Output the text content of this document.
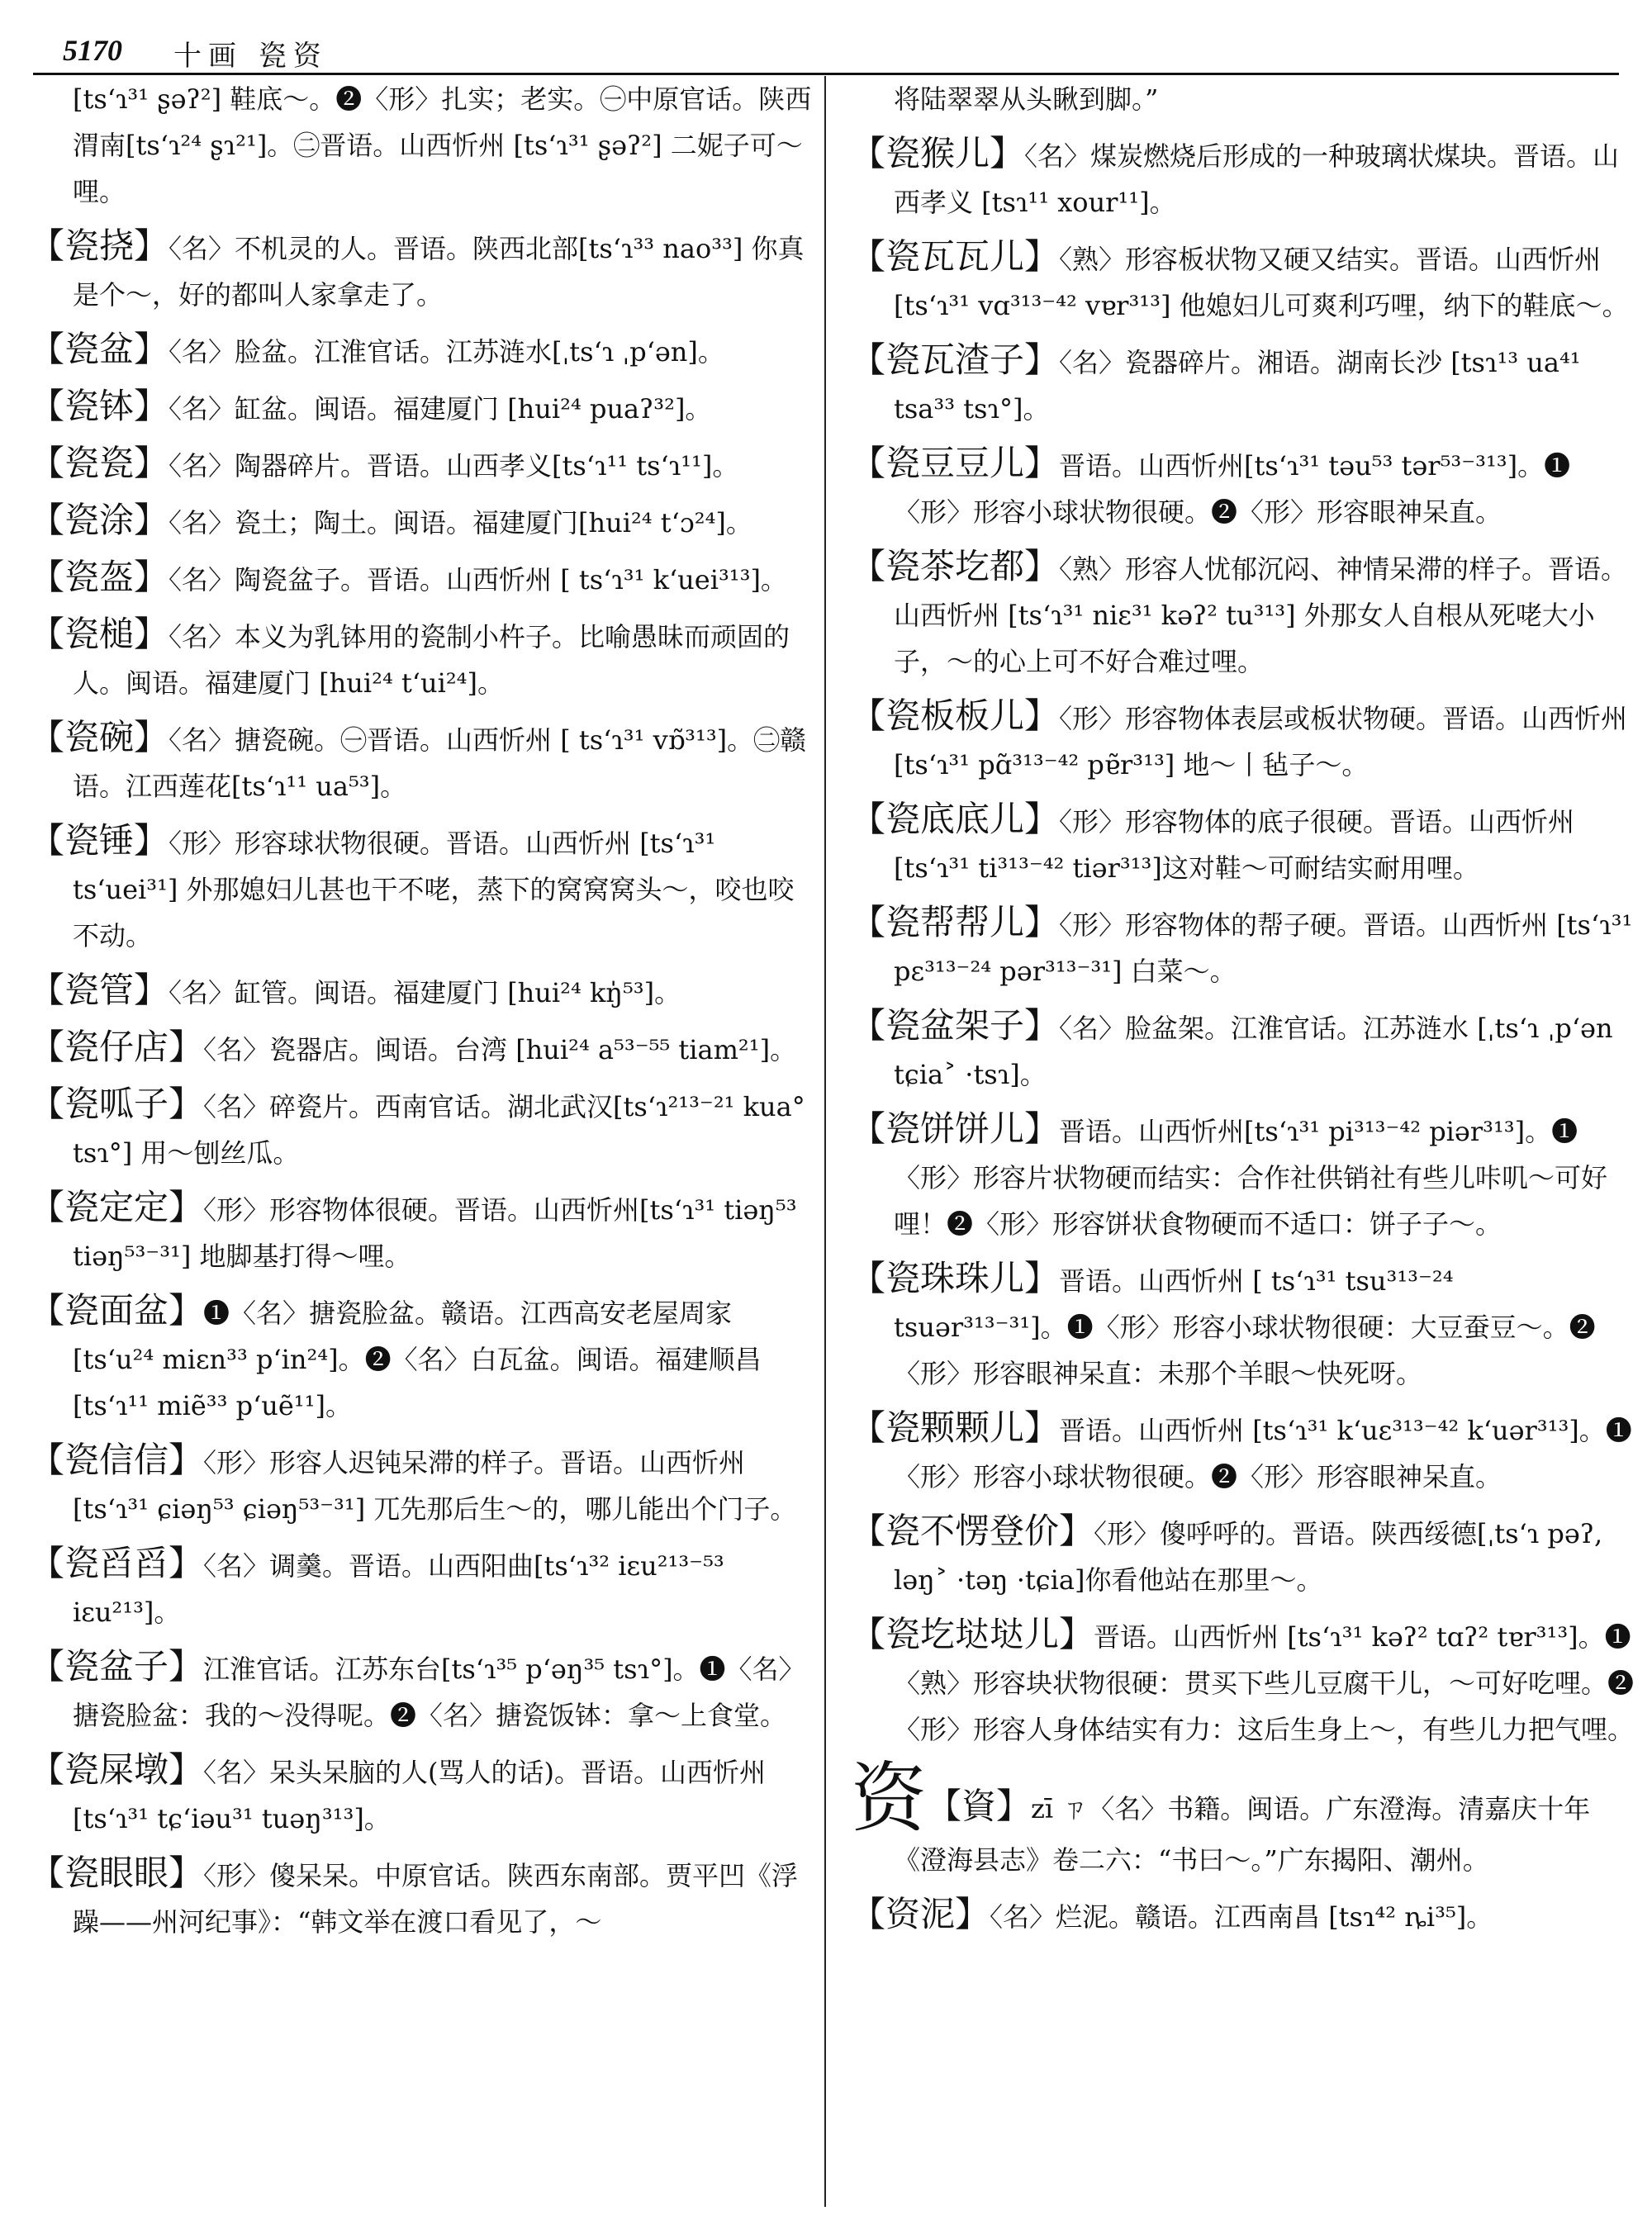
5170 十画 瓷资
[tsʻɿ³¹ ʂəʔ²] 鞋底～。❷〈形〉扎实；老实。㊀中原官话。陕西渭南[tsʻɿ²⁴ ʂɿ²¹]。㊁晋语。山西忻州 [tsʻɿ³¹ ʂəʔ²] 二妮子可～哩。
【瓷挠】〈名〉不机灵的人。晋语。陕西北部[tsʻɿ³³ nao³³] 你真是个～，好的都叫人家拿走了。
【瓷盆】〈名〉脸盆。江淮官话。江苏涟水[ˌtsʻɿ ˌpʻən]。
【瓷钵】〈名〉缸盆。闽语。福建厦门 [hui²⁴ puaʔ³²]。
【瓷瓷】〈名〉陶器碎片。晋语。山西孝义[tsʻɿ¹¹ tsʻɿ¹¹]。
【瓷涂】〈名〉瓷土；陶土。闽语。福建厦门[hui²⁴ tʻɔ²⁴]。
【瓷盔】〈名〉陶瓷盆子。晋语。山西忻州 [ tsʻɿ³¹ kʻuei³¹³]。
【瓷槌】〈名〉本义为乳钵用的瓷制小杵子。比喻愚昧而顽固的人。闽语。福建厦门 [hui²⁴ tʻui²⁴]。
【瓷碗】〈名〉搪瓷碗。㊀晋语。山西忻州 [ tsʻɿ³¹ vɒ̃³¹³]。㊁赣语。江西莲花[tsʻɿ¹¹ ua⁵³]。
【瓷锤】〈形〉形容球状物很硬。晋语。山西忻州 [tsʻɿ³¹ tsʻuei³¹] 外那媳妇儿甚也干不咾，蒸下的窝窝窝头～，咬也咬不动。
【瓷管】〈名〉缸管。闽语。福建厦门 [hui²⁴ kŋ̍⁵³]。
【瓷仔店】〈名〉瓷器店。闽语。台湾 [hui²⁴ a⁵³⁻⁵⁵ tiam²¹]。
【瓷呱子】〈名〉碎瓷片。西南官话。湖北武汉[tsʻɿ²¹³⁻²¹ kua° tsɿ°] 用～刨丝瓜。
【瓷定定】〈形〉形容物体很硬。晋语。山西忻州[tsʻɿ³¹ tiəŋ⁵³ tiəŋ⁵³⁻³¹] 地脚基打得～哩。
【瓷面盆】❶〈名〉搪瓷脸盆。赣语。江西高安老屋周家[tsʻu²⁴ miɛn³³ pʻin²⁴]。❷〈名〉白瓦盆。闽语。福建顺昌 [tsʻɿ¹¹ miẽ³³ pʻuẽ¹¹]。
【瓷信信】〈形〉形容人迟钝呆滞的样子。晋语。山西忻州 [tsʻɿ³¹ ɕiəŋ⁵³ ɕiəŋ⁵³⁻³¹] 兀先那后生～的，哪儿能出个门子。
【瓷舀舀】〈名〉调羹。晋语。山西阳曲[tsʻɿ³² iɛu²¹³⁻⁵³ iɛu²¹³]。
【瓷盆子】江淮官话。江苏东台[tsʻɿ³⁵ pʻəŋ³⁵ tsɿ°]。❶〈名〉搪瓷脸盆：我的～没得呢。❷〈名〉搪瓷饭钵：拿～上食堂。
【瓷屎墩】〈名〉呆头呆脑的人(骂人的话)。晋语。山西忻州 [tsʻɿ³¹ tɕʻiəu³¹ tuəŋ³¹³]。
【瓷眼眼】〈形〉傻呆呆。中原官话。陕西东南部。贾平凹《浮躁——州河纪事》：“韩文举在渡口看见了，～
将陆翠翠从头瞅到脚。”
【瓷猴儿】〈名〉煤炭燃烧后形成的一种玻璃状煤块。晋语。山西孝义 [tsɿ¹¹ xour¹¹]。
【瓷瓦瓦儿】〈熟〉形容板状物又硬又结实。晋语。山西忻州 [tsʻɿ³¹ vɑ³¹³⁻⁴² vɐr³¹³] 他媳妇儿可爽利巧哩，纳下的鞋底～。
【瓷瓦渣子】〈名〉瓷器碎片。湘语。湖南长沙 [tsɿ¹³ ua⁴¹ tsa³³ tsɿ°]。
【瓷豆豆儿】晋语。山西忻州[tsʻɿ³¹ təu⁵³ tər⁵³⁻³¹³]。❶〈形〉形容小球状物很硬。❷〈形〉形容眼神呆直。
【瓷茶圪都】〈熟〉形容人忧郁沉闷、神情呆滞的样子。晋语。山西忻州 [tsʻɿ³¹ niɛ³¹ kəʔ² tu³¹³] 外那女人自根从死咾大小子，～的心上可不好合难过哩。
【瓷板板儿】〈形〉形容物体表层或板状物硬。晋语。山西忻州 [tsʻɿ³¹ pɑ̃³¹³⁻⁴² pɐ̃r³¹³] 地～丨毡子～。
【瓷底底儿】〈形〉形容物体的底子很硬。晋语。山西忻州[tsʻɿ³¹ ti³¹³⁻⁴² tiər³¹³]这对鞋～可耐结实耐用哩。
【瓷帮帮儿】〈形〉形容物体的帮子硬。晋语。山西忻州 [tsʻɿ³¹ pɛ³¹³⁻²⁴ pər³¹³⁻³¹] 白菜～。
【瓷盆架子】〈名〉脸盆架。江淮官话。江苏涟水 [ˌtsʻɿ ˌpʻən tɕia˃ ·tsɿ]。
【瓷饼饼儿】晋语。山西忻州[tsʻɿ³¹ pi³¹³⁻⁴² piər³¹³]。❶〈形〉形容片状物硬而结实：合作社供销社有些儿咔叽～可好哩！❷〈形〉形容饼状食物硬而不适口：饼子子～。
【瓷珠珠儿】晋语。山西忻州 [ tsʻɿ³¹ tsu³¹³⁻²⁴ tsuər³¹³⁻³¹]。❶〈形〉形容小球状物很硬：大豆蚕豆～。❷〈形〉形容眼神呆直：未那个羊眼～快死呀。
【瓷颗颗儿】晋语。山西忻州 [tsʻɿ³¹ kʻuɛ³¹³⁻⁴² kʻuər³¹³]。❶〈形〉形容小球状物很硬。❷〈形〉形容眼神呆直。
【瓷不愣登价】〈形〉傻呼呼的。晋语。陕西绥德[ˌtsʻɿ pəʔ, ləŋ˃ ·təŋ ·tɕia]你看他站在那里～。
【瓷圪垯垯儿】晋语。山西忻州 [tsʻɿ³¹ kəʔ² tɑʔ² tɐr³¹³]。❶〈熟〉形容块状物很硬：贯买下些儿豆腐干儿，～可好吃哩。❷〈形〉形容人身体结实有力：这后生身上～，有些儿力把气哩。
资【資】zī ㄗ〈名〉书籍。闽语。广东澄海。清嘉庆十年《澄海县志》卷二六：“书曰～。”广东揭阳、潮州。
【资泥】〈名〉烂泥。赣语。江西南昌 [tsɿ⁴² ȵi³⁵]。
